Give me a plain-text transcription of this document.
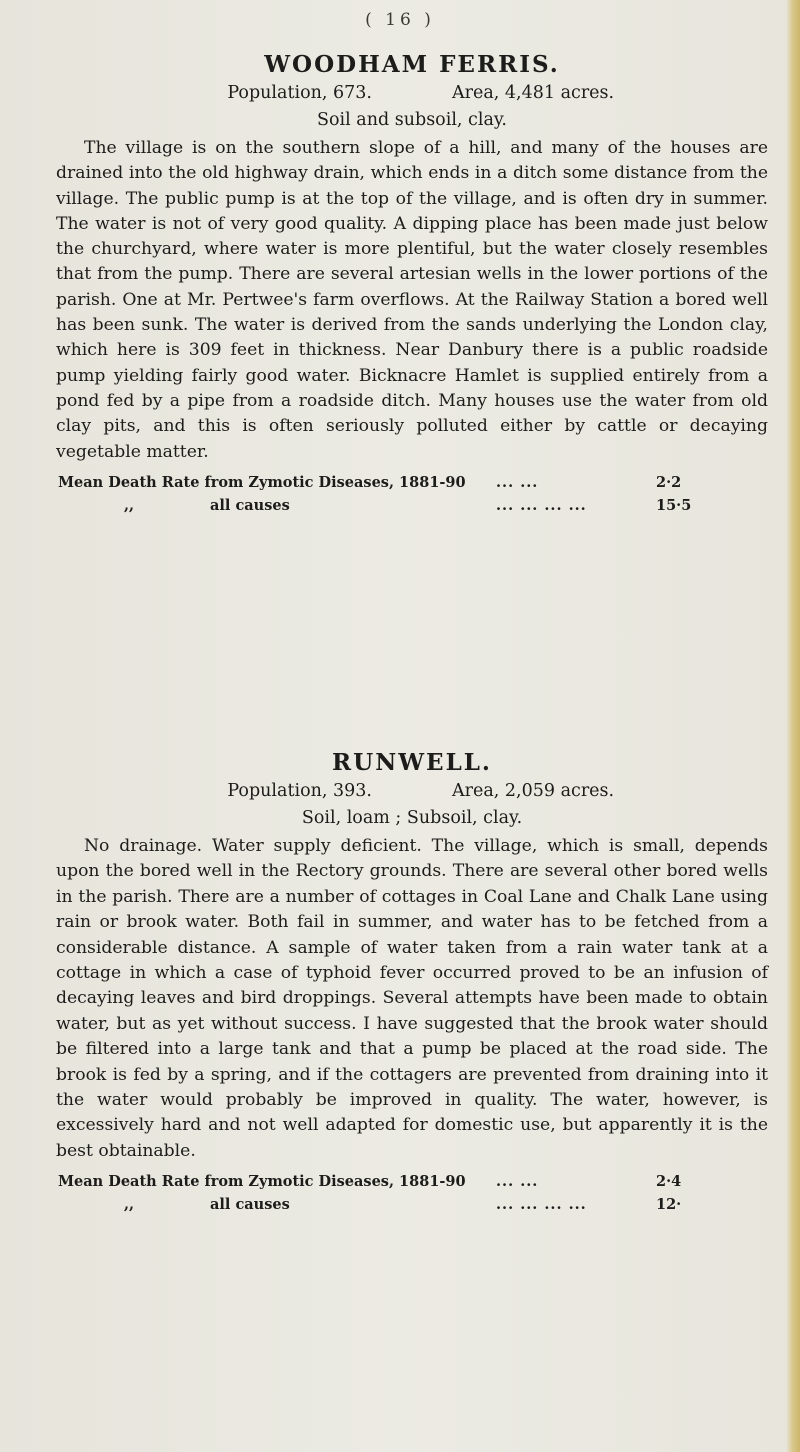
( 16 )
WOODHAM FERRIS.

Population, 673.	Area, 4,481 acres.

Soil and subsoil, clay.

The village is on the southern slope of a hill, and many of the houses are drained into the old highway drain, which ends in a ditch some distance from the village. The public pump is at the top of the village, and is often dry in summer. The water is not of very good quality. A dipping place has been made just below the churchyard, where water is more plentiful, but the water closely resembles that from the pump. There are several artesian wells in the lower portions of the parish. One at Mr. Pertwee's farm overflows. At the Railway Station a bored well has been sunk. The water is derived from the sands underlying the London clay, which here is 309 feet in thickness. Near Danbury there is a public roadside pump yielding fairly good water. Bicknacre Hamlet is supplied entirely from a pond fed by a pipe from a roadside ditch. Many houses use the water from old clay pits, and this is often seriously polluted either by cattle or decaying vegetable matter.

Mean Death Rate from Zymotic Diseases, 1881-90 ... ...	2·2
,,	all causes	... ... ... ...	15·5
RUNWELL.

Population, 393.	Area, 2,059 acres.

Soil, loam ; Subsoil, clay.

No drainage. Water supply deficient. The village, which is small, depends upon the bored well in the Rectory grounds. There are several other bored wells in the parish. There are a number of cottages in Coal Lane and Chalk Lane using rain or brook water. Both fail in summer, and water has to be fetched from a considerable distance. A sample of water taken from a rain water tank at a cottage in which a case of typhoid fever occurred proved to be an infusion of decaying leaves and bird droppings. Several attempts have been made to obtain water, but as yet without success. I have suggested that the brook water should be filtered into a large tank and that a pump be placed at the road side. The brook is fed by a spring, and if the cottagers are prevented from draining into it the water would probably be improved in quality. The water, however, is excessively hard and not well adapted for domestic use, but apparently it is the best obtainable.

Mean Death Rate from Zymotic Diseases, 1881-90 ... ...	2·4
,,	all causes	... ... ... ...	12·
